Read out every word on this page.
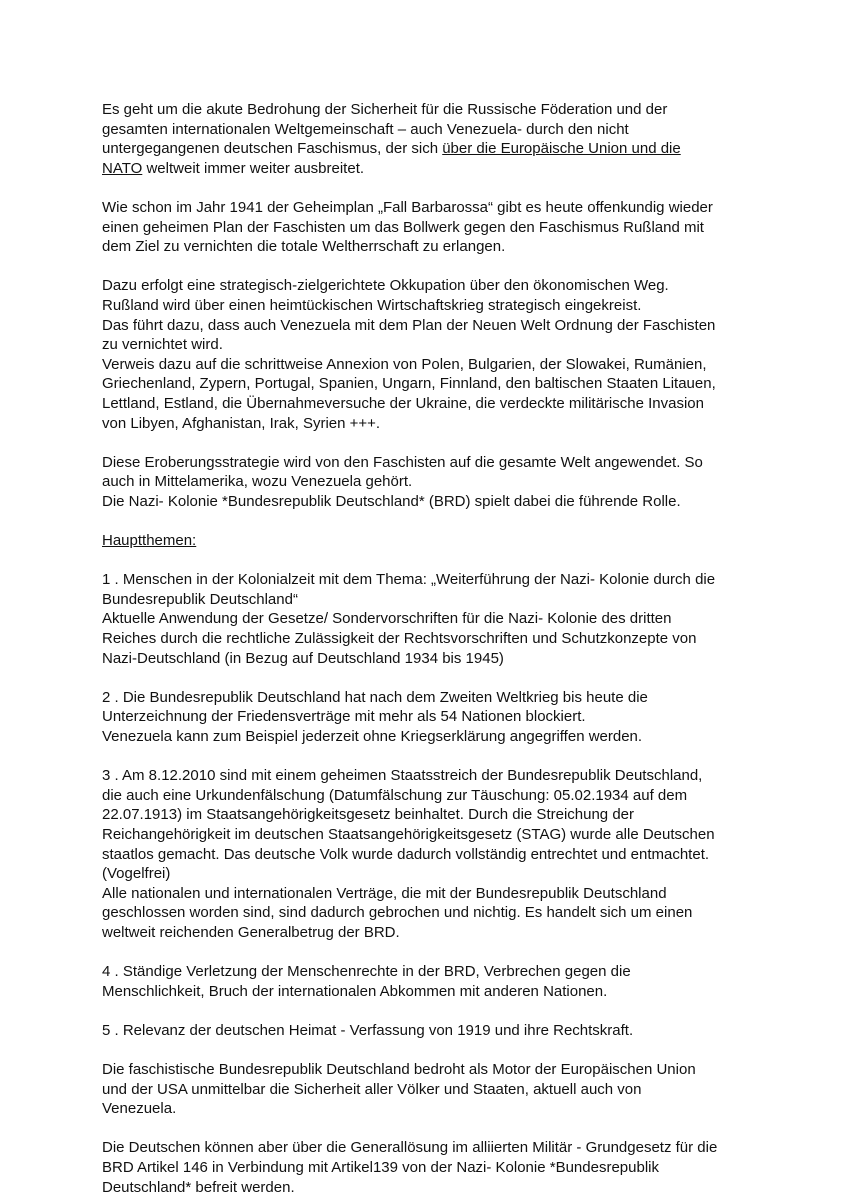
Es geht um die akute Bedrohung der Sicherheit für die Russische Föderation und der
gesamten internationalen Weltgemeinschaft – auch Venezuela- durch den nicht
untergegangenen deutschen Faschismus, der sich über die Europäische Union und die
NATO weltweit immer weiter ausbreitet.
Wie schon im Jahr 1941 der Geheimplan „Fall Barbarossa“ gibt es heute offenkundig wieder
einen geheimen Plan der Faschisten um das Bollwerk gegen den Faschismus Rußland mit
dem Ziel zu vernichten die totale Weltherrschaft zu erlangen.
Dazu erfolgt eine strategisch-zielgerichtete Okkupation über den ökonomischen Weg.
Rußland wird über einen heimtückischen Wirtschaftskrieg strategisch eingekreist.
Das führt dazu, dass auch Venezuela mit dem Plan der Neuen Welt Ordnung der Faschisten
zu vernichtet wird.
Verweis dazu auf die schrittweise Annexion von Polen, Bulgarien, der Slowakei, Rumänien,
Griechenland, Zypern, Portugal, Spanien, Ungarn, Finnland, den baltischen Staaten Litauen,
Lettland, Estland, die Übernahmeversuche der Ukraine, die verdeckte militärische Invasion
von Libyen, Afghanistan, Irak, Syrien +++.
Diese Eroberungsstrategie wird von den Faschisten auf die gesamte Welt angewendet. So
auch in Mittelamerika, wozu Venezuela gehört.
Die Nazi- Kolonie *Bundesrepublik Deutschland* (BRD) spielt dabei die führende Rolle.
Hauptthemen:
1 . Menschen in der Kolonialzeit mit dem Thema: „Weiterführung der Nazi- Kolonie durch die
Bundesrepublik Deutschland“
Aktuelle Anwendung der Gesetze/ Sondervorschriften für die Nazi- Kolonie des dritten
Reiches durch die rechtliche Zulässigkeit der Rechtsvorschriften und Schutzkonzepte von
Nazi-Deutschland (in Bezug auf Deutschland 1934 bis 1945)
2 . Die Bundesrepublik Deutschland hat nach dem Zweiten Weltkrieg bis heute die
Unterzeichnung der Friedensverträge mit mehr als 54 Nationen blockiert.
Venezuela kann zum Beispiel jederzeit ohne Kriegserklärung angegriffen werden.
3 . Am 8.12.2010 sind mit einem geheimen Staatsstreich der Bundesrepublik Deutschland,
die auch eine Urkundenfälschung (Datumfälschung zur Täuschung: 05.02.1934 auf dem
22.07.1913) im Staatsangehörigkeitsgesetz beinhaltet. Durch die Streichung der
Reichangehörigkeit im deutschen Staatsangehörigkeitsgesetz (STAG) wurde alle Deutschen
staatlos gemacht. Das deutsche Volk wurde dadurch vollständig entrechtet und entmachtet.
(Vogelfrei)
Alle nationalen und internationalen Verträge, die mit der Bundesrepublik Deutschland
geschlossen worden sind, sind dadurch gebrochen und nichtig. Es handelt sich um einen
weltweit reichenden Generalbetrug der BRD.
4 . Ständige Verletzung der Menschenrechte in der BRD, Verbrechen gegen die
Menschlichkeit, Bruch der internationalen Abkommen mit anderen Nationen.
5 . Relevanz der deutschen Heimat - Verfassung von 1919 und ihre Rechtskraft.
Die faschistische Bundesrepublik Deutschland bedroht als Motor der Europäischen Union
und der USA unmittelbar die Sicherheit aller Völker und Staaten, aktuell auch von
Venezuela.
Die Deutschen können aber über die Generallösung im alliierten Militär - Grundgesetz für die
BRD Artikel 146 in Verbindung mit Artikel139 von der Nazi- Kolonie *Bundesrepublik
Deutschland* befreit werden.
